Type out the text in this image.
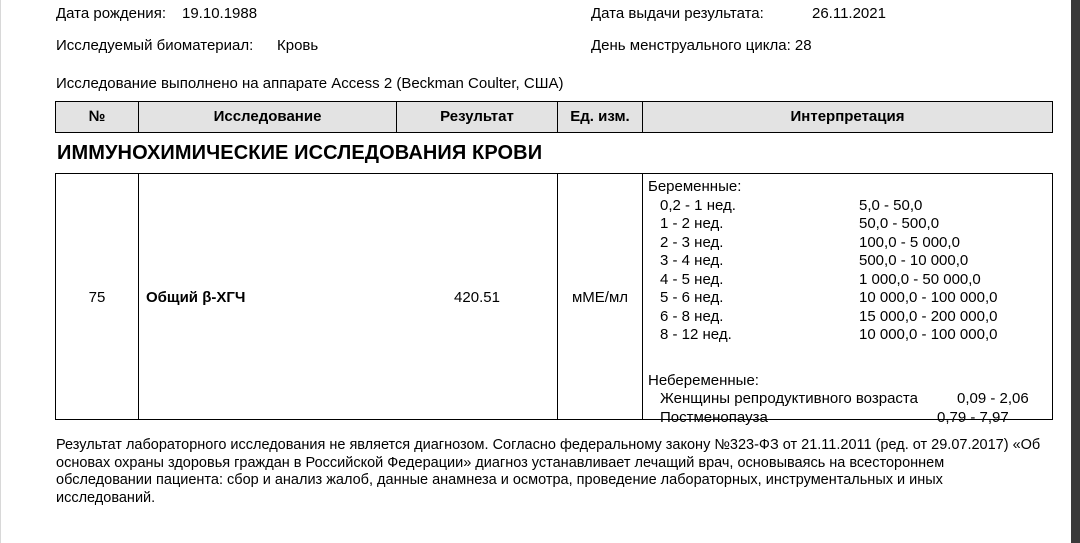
Дата рождения: 19.10.1988
Исследуемый биоматериал: Кровь
Дата выдачи результата:	26.11.2021
День менструального цикла: 28
Исследование выполнено на аппарате Access 2 (Beckman Coulter, США)
№	Исследование	Результат	Ед. изм.	Интерпретация
ИММУНОХИМИЧЕСКИЕ ИССЛЕДОВАНИЯ КРОВИ
75	Общий β-ХГЧ	420.51	мМЕ/мл
Беременные:
0,2 - 1 нед.	5,0 - 50,0
1 - 2 нед.	50,0 - 500,0
2 - 3 нед.	100,0 - 5 000,0
3 - 4 нед.	500,0 - 10 000,0
4 - 5 нед.	1 000,0 - 50 000,0
5 - 6 нед.	10 000,0 - 100 000,0
6 - 8 нед.	15 000,0 - 200 000,0
8 - 12 нед.	10 000,0 - 100 000,0
Небеременные:
Женщины репродуктивного возраста	0,09 - 2,06
Постменопауза	0,79 - 7,97
Результат лабораторного исследования не является диагнозом. Согласно федеральному закону №323-ФЗ от 21.11.2011 (ред. от 29.07.2017) «Об основах охраны здоровья граждан в Российской Федерации» диагноз устанавливает лечащий врач, основываясь на всестороннем обследовании пациента: сбор и анализ жалоб, данные анамнеза и осмотра, проведение лабораторных, инструментальных и иных исследований.
